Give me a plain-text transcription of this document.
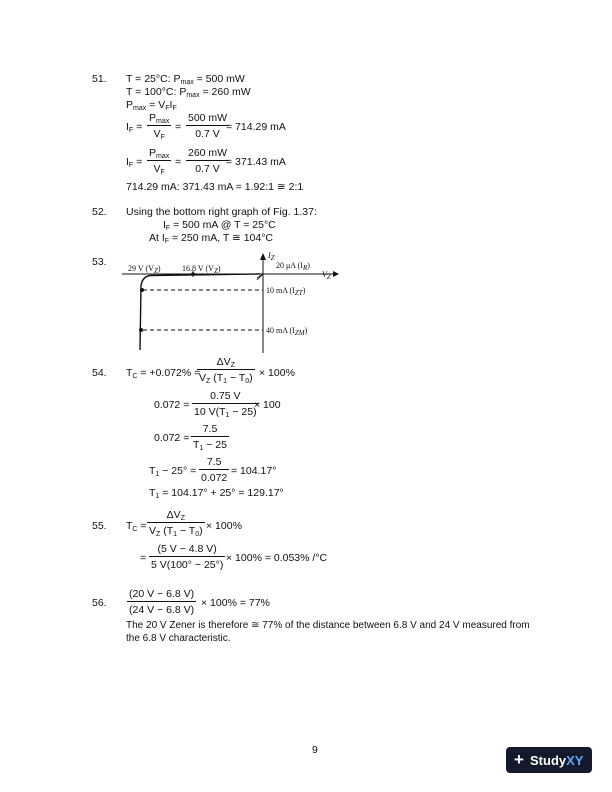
51. T = 25°C: $P_{max} = 500$ mW
T = 100°C: $P_{max} = 260$ mW
$P_{max} = V_FI_F$
$I_F$ =
$P_{max}$
$V_F$
= $\frac{500 mW}{0.7 V}$
= 714.29 mA
$I_F$ =
$P_{max}$
$V_F$
= $\frac{260 mW}{0.7 V}$
= 371.43 mA
714.29 mA: 371.43 mA = 1.92:1 ≅ 2:1
52. Using the bottom right graph of Fig. 1.37:
$I_F = 500$ mA @ T = 25°C
At $I_F = 250$ mA, T ≅ 104°C
53.
29 V $(V_Z)$	16.8 V $(V_Z)$
$I_Z$
20 μA $(I_R)$
$V_Z$
10 mA $(I_{ZT})$
40 mA $(I_{ZM})$
54. $T_C = +0.072\%$ =
$\Delta V_Z$
$V_Z$ $(T_1 - T_0) \times 100\%$
$0.072 = \frac{0.75 V}{10 V(T_1 - 25)}$
× 100
$0.072 = \frac{7.5}{T_1 - 25}$
$T_1 - 25^\circ = \frac{7.5}{0.072} = 104.17^\circ$
$T_1 = 104.17^\circ + 25^\circ = 129.17^\circ$
55. $T_C$ =
$\Delta V_Z$
$V_Z$ $(T_1 - T_0) \times 100\%$
= $\frac{(5 V - 4.8 V)}{5 V(100^\circ - 25^\circ)} \times 100\% = 0.053\%$ /°C
56. $\frac{(20 V - 6.8 V)}{(24 V - 6.8 V)} \times 100\% = 77\%$
The 20 V Zener is therefore ≅ 77% of the distance between 6.8 V and 24 V measured from
the 6.8 V characteristic.
9	+ StudyXY
